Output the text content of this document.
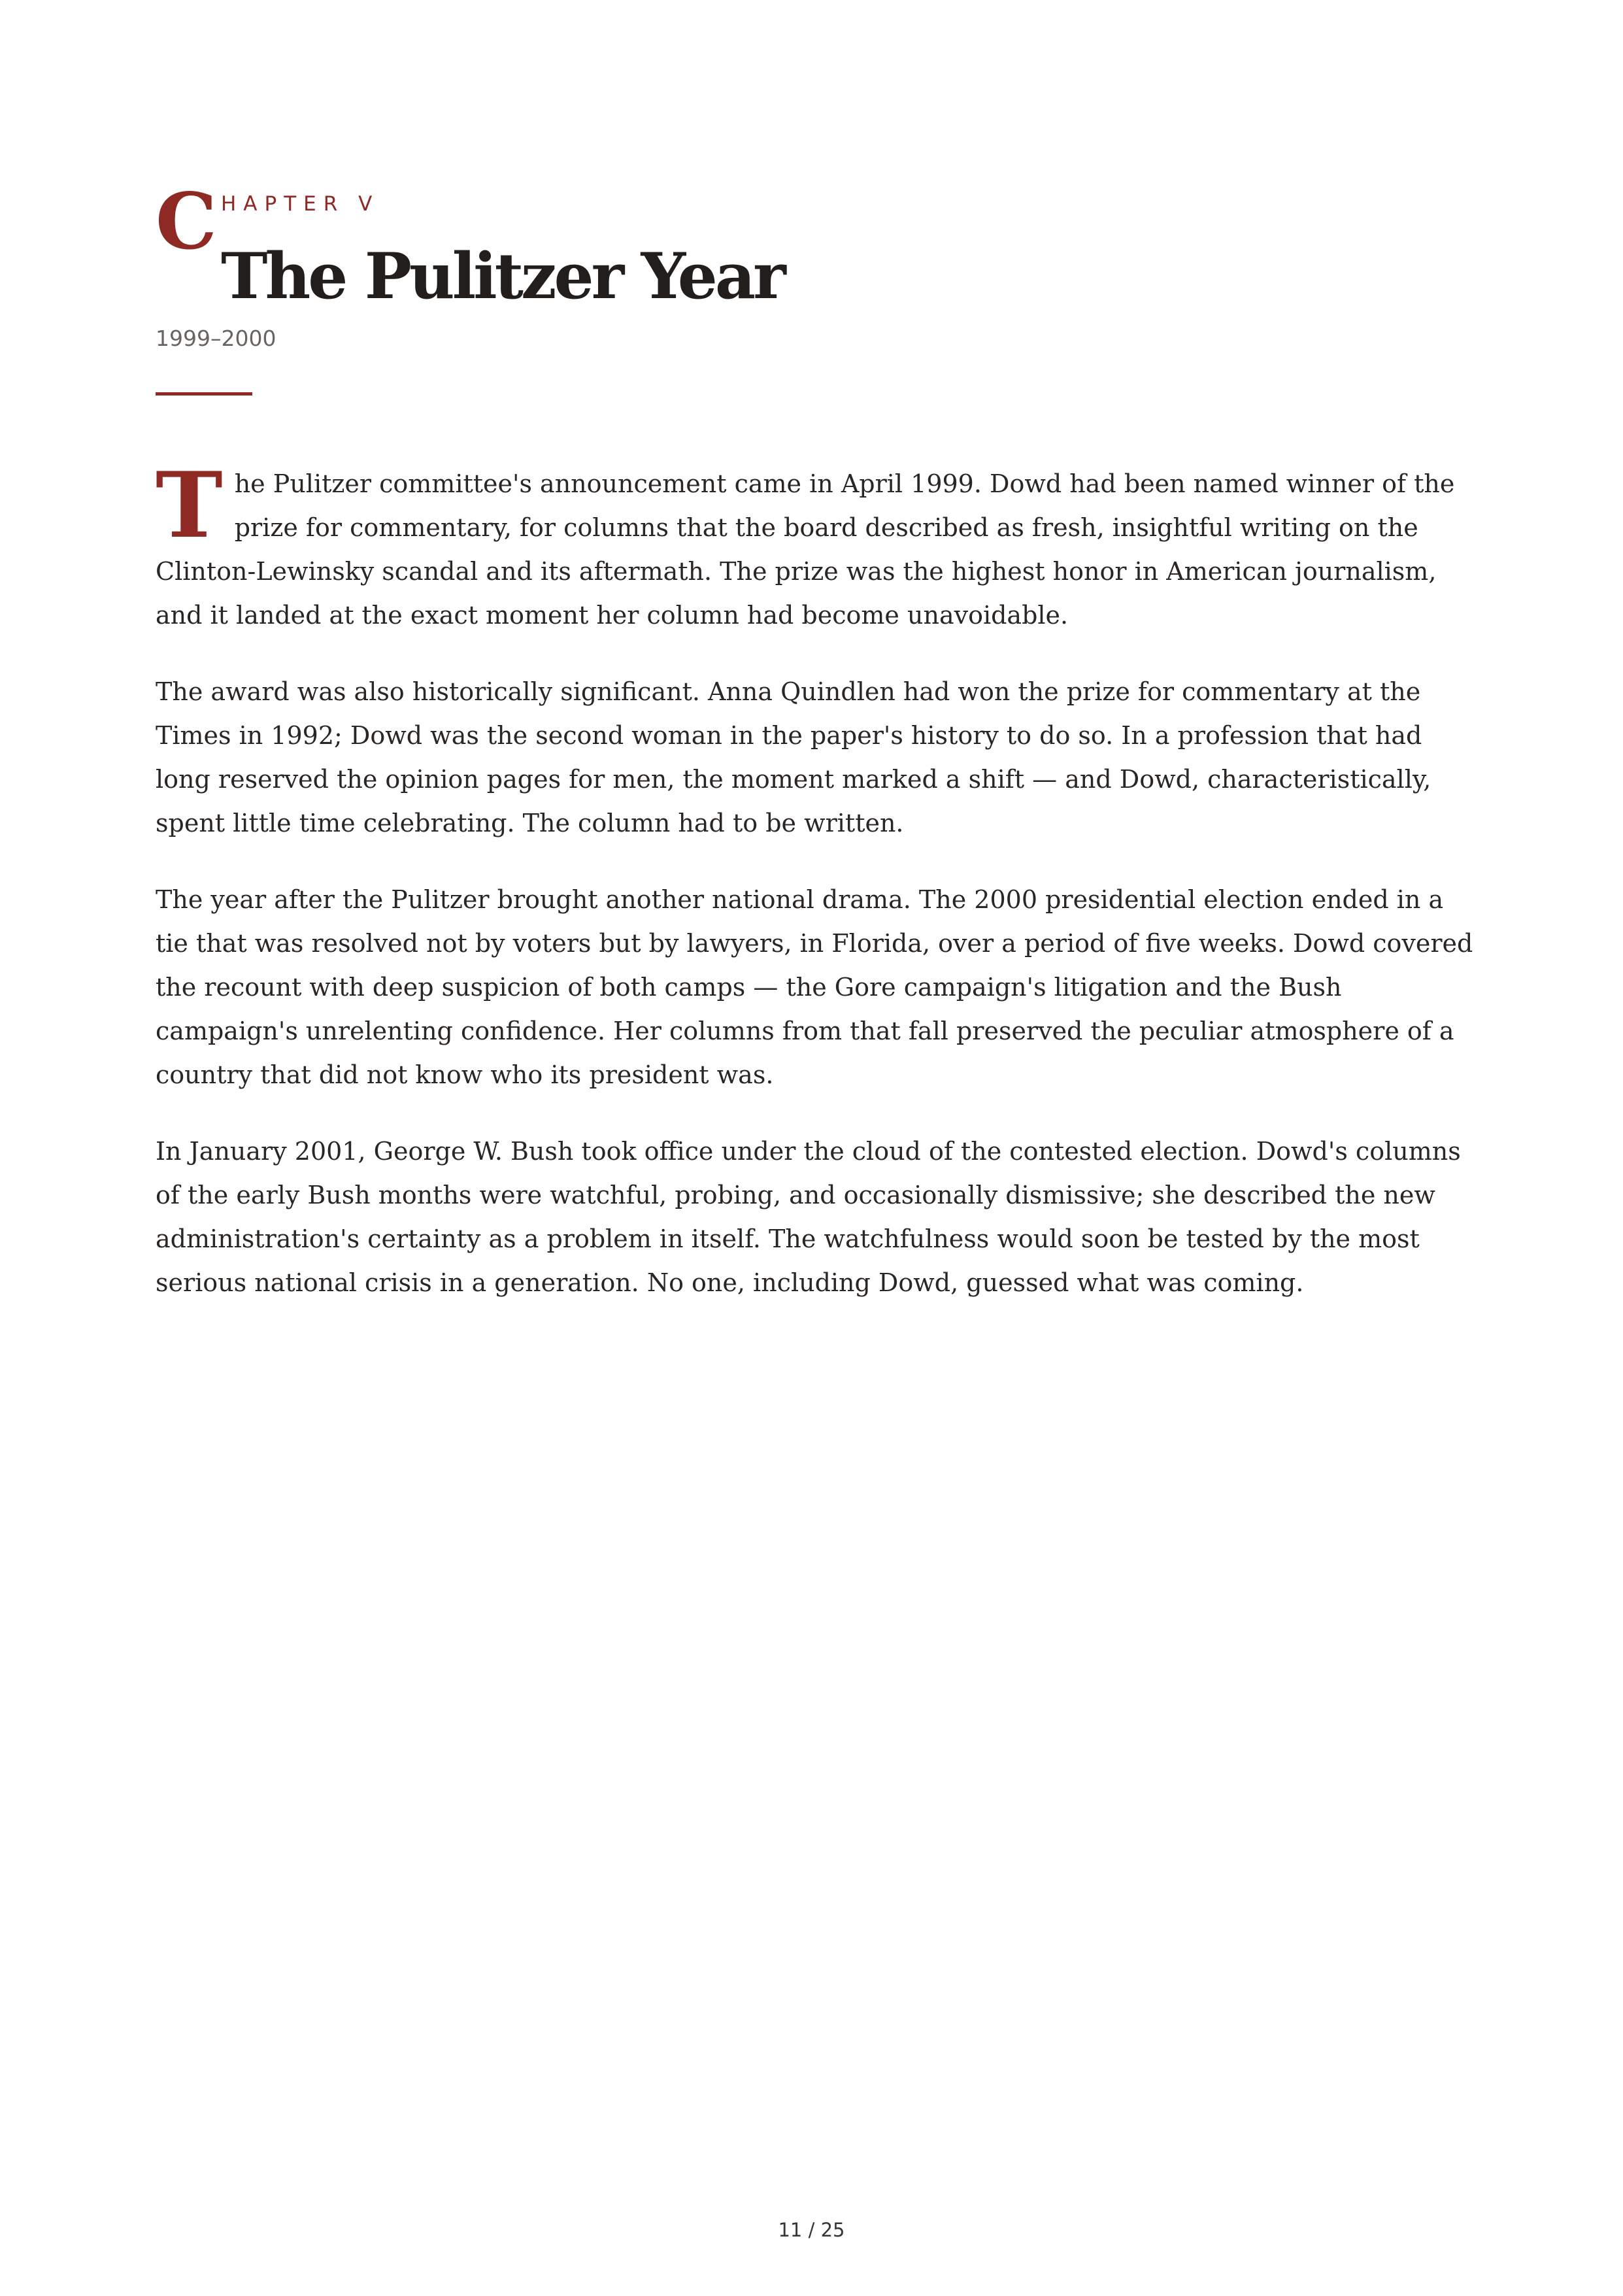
C HAPTER V
The Pulitzer Year
1999–2000

The Pulitzer committee's announcement came in April 1999. Dowd had been named winner of the prize for commentary, for columns that the board described as fresh, insightful writing on the Clinton-Lewinsky scandal and its aftermath. The prize was the highest honor in American journalism, and it landed at the exact moment her column had become unavoidable.

The award was also historically significant. Anna Quindlen had won the prize for commentary at the Times in 1992; Dowd was the second woman in the paper's history to do so. In a profession that had long reserved the opinion pages for men, the moment marked a shift — and Dowd, characteristically, spent little time celebrating. The column had to be written.

The year after the Pulitzer brought another national drama. The 2000 presidential election ended in a tie that was resolved not by voters but by lawyers, in Florida, over a period of five weeks. Dowd covered the recount with deep suspicion of both camps — the Gore campaign's litigation and the Bush campaign's unrelenting confidence. Her columns from that fall preserved the peculiar atmosphere of a country that did not know who its president was.

In January 2001, George W. Bush took office under the cloud of the contested election. Dowd's columns of the early Bush months were watchful, probing, and occasionally dismissive; she described the new administration's certainty as a problem in itself. The watchfulness would soon be tested by the most serious national crisis in a generation. No one, including Dowd, guessed what was coming.

11 / 25
